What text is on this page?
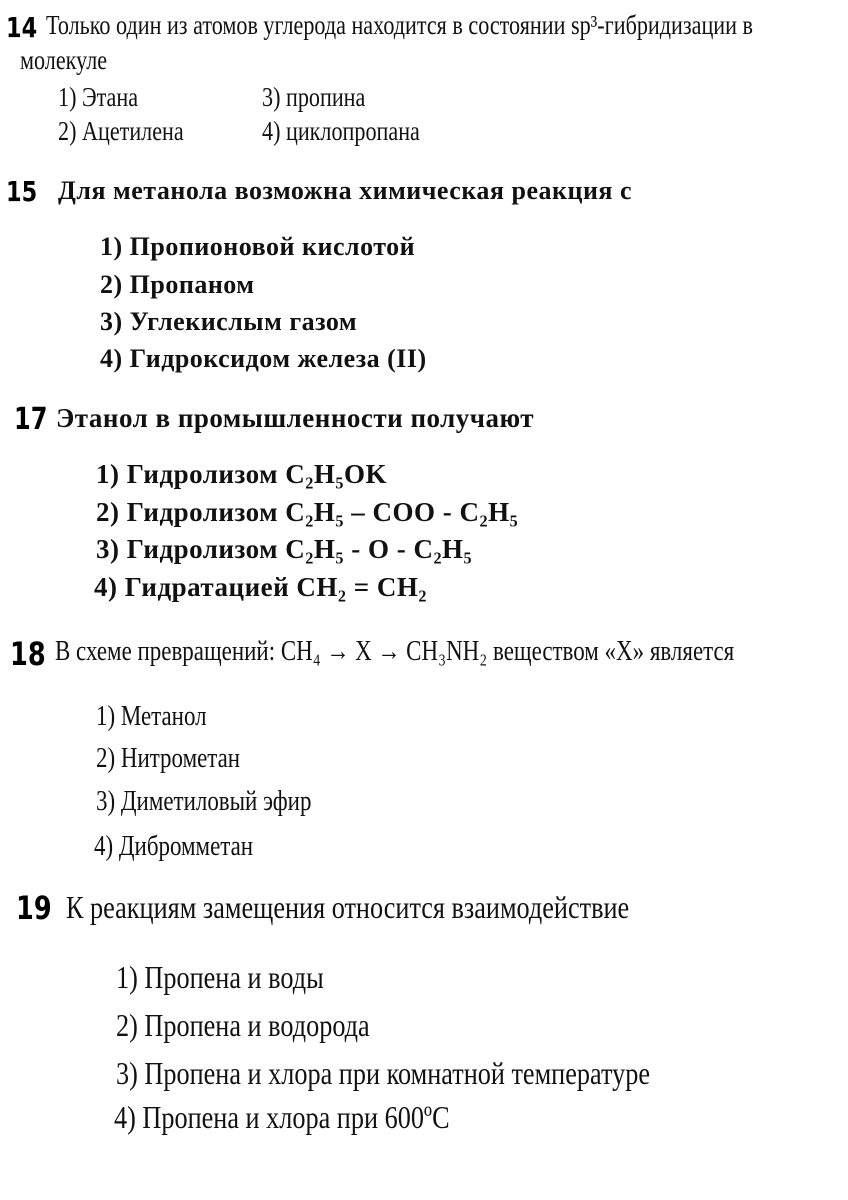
14 Только один из атомов углерода находится в состоянии sp³-гибридизации в
молекуле
1) Этана
2) Ацетилена
3) пропина
4) циклопропана
15 Для метанола возможна химическая реакция с
1) Пропионовой кислотой
2) Пропаном
3) Углекислым газом
4) Гидроксидом железа (II)
17 Этанол в промышленности получают
1) Гидролизом C₂H₅OK
2) Гидролизом C₂H₅ – COO - C₂H₅
3) Гидролизом C₂H₅ - O - C₂H₅
4) Гидратацией CH₂ = CH₂
18 В схеме превращений: CH₄ → X → CH₃NH₂ веществом «X» является
1) Метанол
2) Нитрометан
3) Диметиловый эфир
4) Дибромметан
19 К реакциям замещения относится взаимодействие
1) Пропена и воды
2) Пропена и водорода
3) Пропена и хлора при комнатной температуре
4) Пропена и хлора при 600ºС
